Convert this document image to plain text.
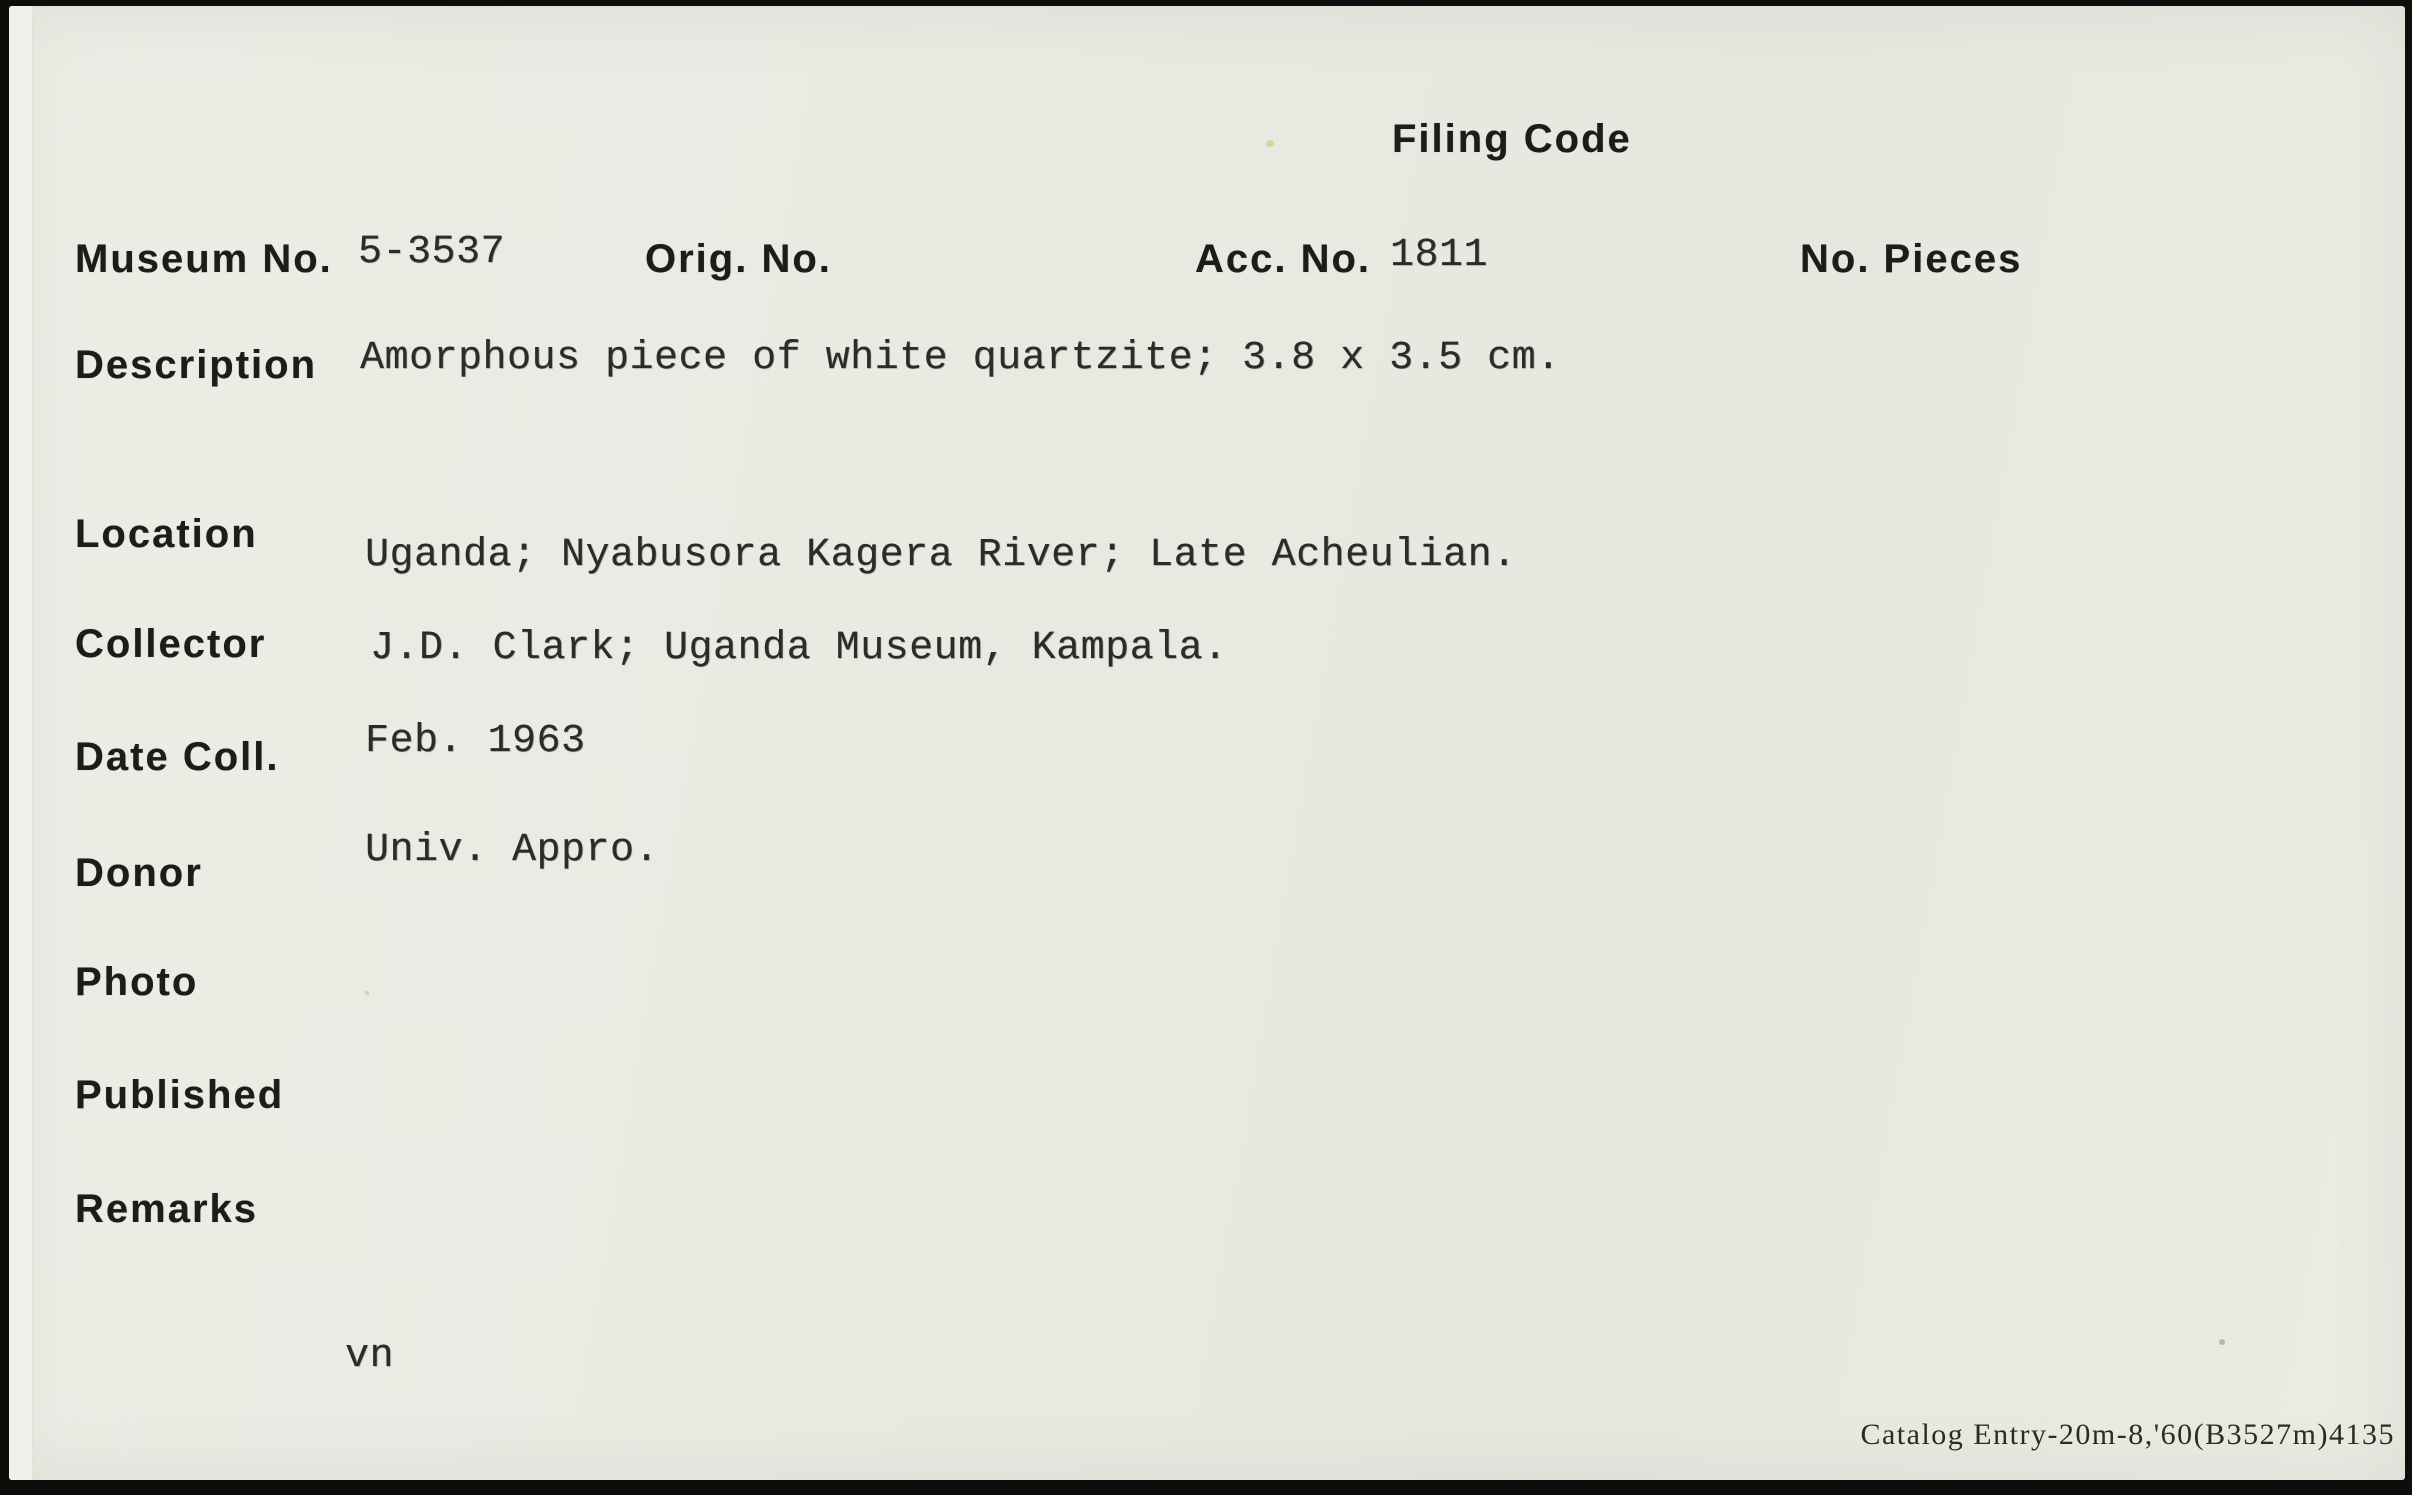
Filing Code
Museum No. 5-3537	Orig. No.	Acc. No. 1811	No. Pieces
Description Amorphous piece of white quartzite; 3.8 x 3.5 cm.
Location	Uganda; Nyabusora Kagera River; Late Acheulian.
Collector	J.D. Clark; Uganda Museum, Kampala.
Date Coll. Feb. 1963
Donor	Univ. Appro.
Photo
Published
Remarks
vn
Catalog Entry-20m-8,'60(B3527m)4135
